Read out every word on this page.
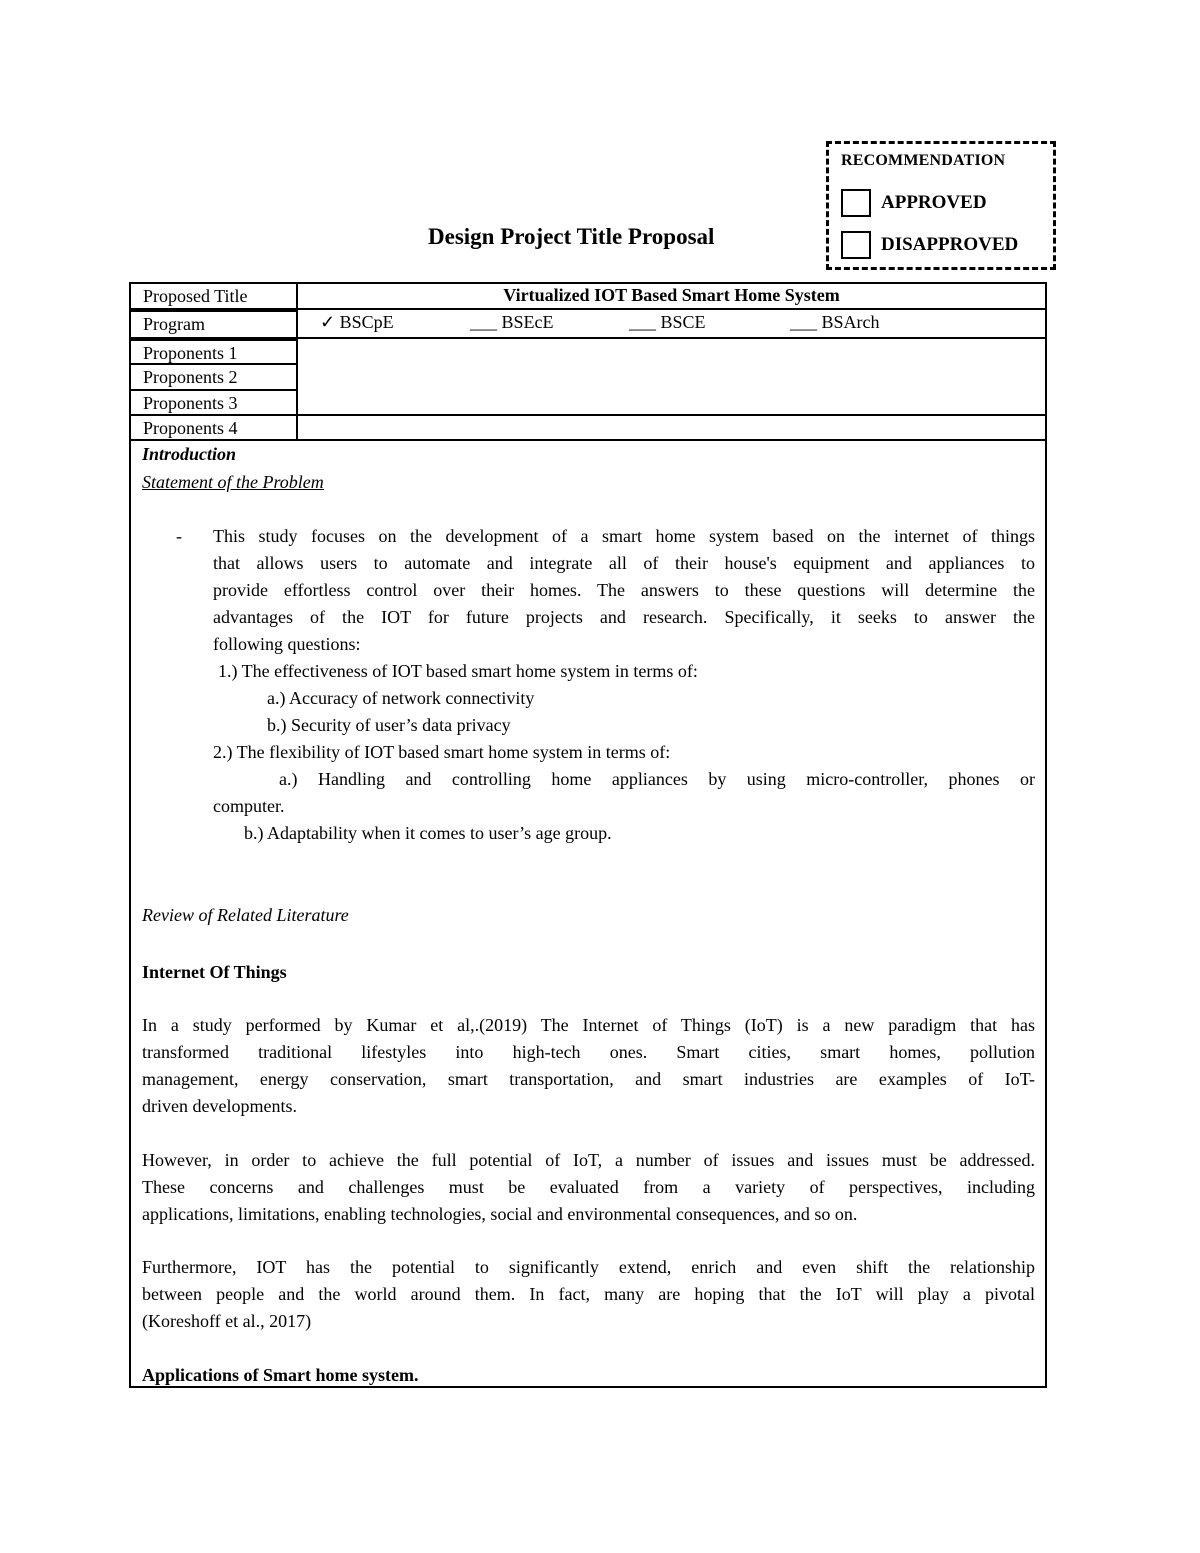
Design Project Title Proposal
RECOMMENDATION
APPROVED
DISAPPROVED
Proposed Title	Virtualized IOT Based Smart Home System
Program	✓ BSCpE	___ BSEcE	___ BSCE	___ BSArch
Proponents 1
Proponents 2
Proponents 3
Proponents 4
Introduction
Statement of the Problem
- This study focuses on the development of a smart home system based on the internet of things
that allows users to automate and integrate all of their house's equipment and appliances to
provide effortless control over their homes. The answers to these questions will determine the
advantages of the IOT for future projects and research. Specifically, it seeks to answer the
following questions:
1.) The effectiveness of IOT based smart home system in terms of:
a.) Accuracy of network connectivity
b.) Security of user’s data privacy
2.) The flexibility of IOT based smart home system in terms of:
a.) Handling and controlling home appliances by using micro-controller, phones or
computer.
b.) Adaptability when it comes to user’s age group.
Review of Related Literature
Internet Of Things
In a study performed by Kumar et al,.(2019) The Internet of Things (IoT) is a new paradigm that has
transformed traditional lifestyles into high-tech ones. Smart cities, smart homes, pollution
management, energy conservation, smart transportation, and smart industries are examples of IoT-
driven developments.
However, in order to achieve the full potential of IoT, a number of issues and issues must be addressed.
These concerns and challenges must be evaluated from a variety of perspectives, including
applications, limitations, enabling technologies, social and environmental consequences, and so on.
Furthermore, IOT has the potential to significantly extend, enrich and even shift the relationship
between people and the world around them. In fact, many are hoping that the IoT will play a pivotal
(Koreshoff et al., 2017)
Applications of Smart home system.
